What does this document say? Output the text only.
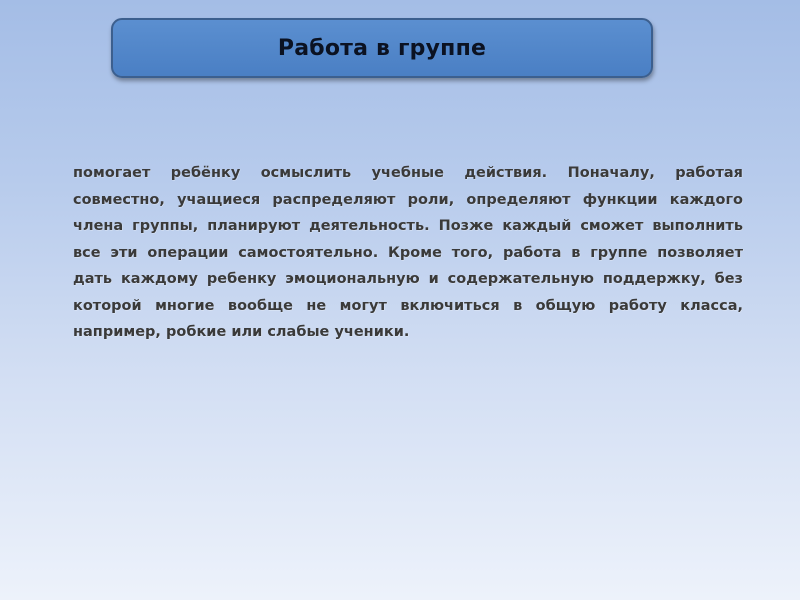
Работа в группе

помогает ребёнку осмыслить учебные действия. Поначалу, работая совместно, учащиеся распределяют роли, определяют функции каждого члена группы, планируют деятельность. Позже каждый сможет выполнить все эти операции самостоятельно. Кроме того, работа в группе позволяет дать каждому ребенку эмоциональную и содержательную поддержку, без которой многие вообще не могут включиться в общую работу класса, например, робкие или слабые ученики.
